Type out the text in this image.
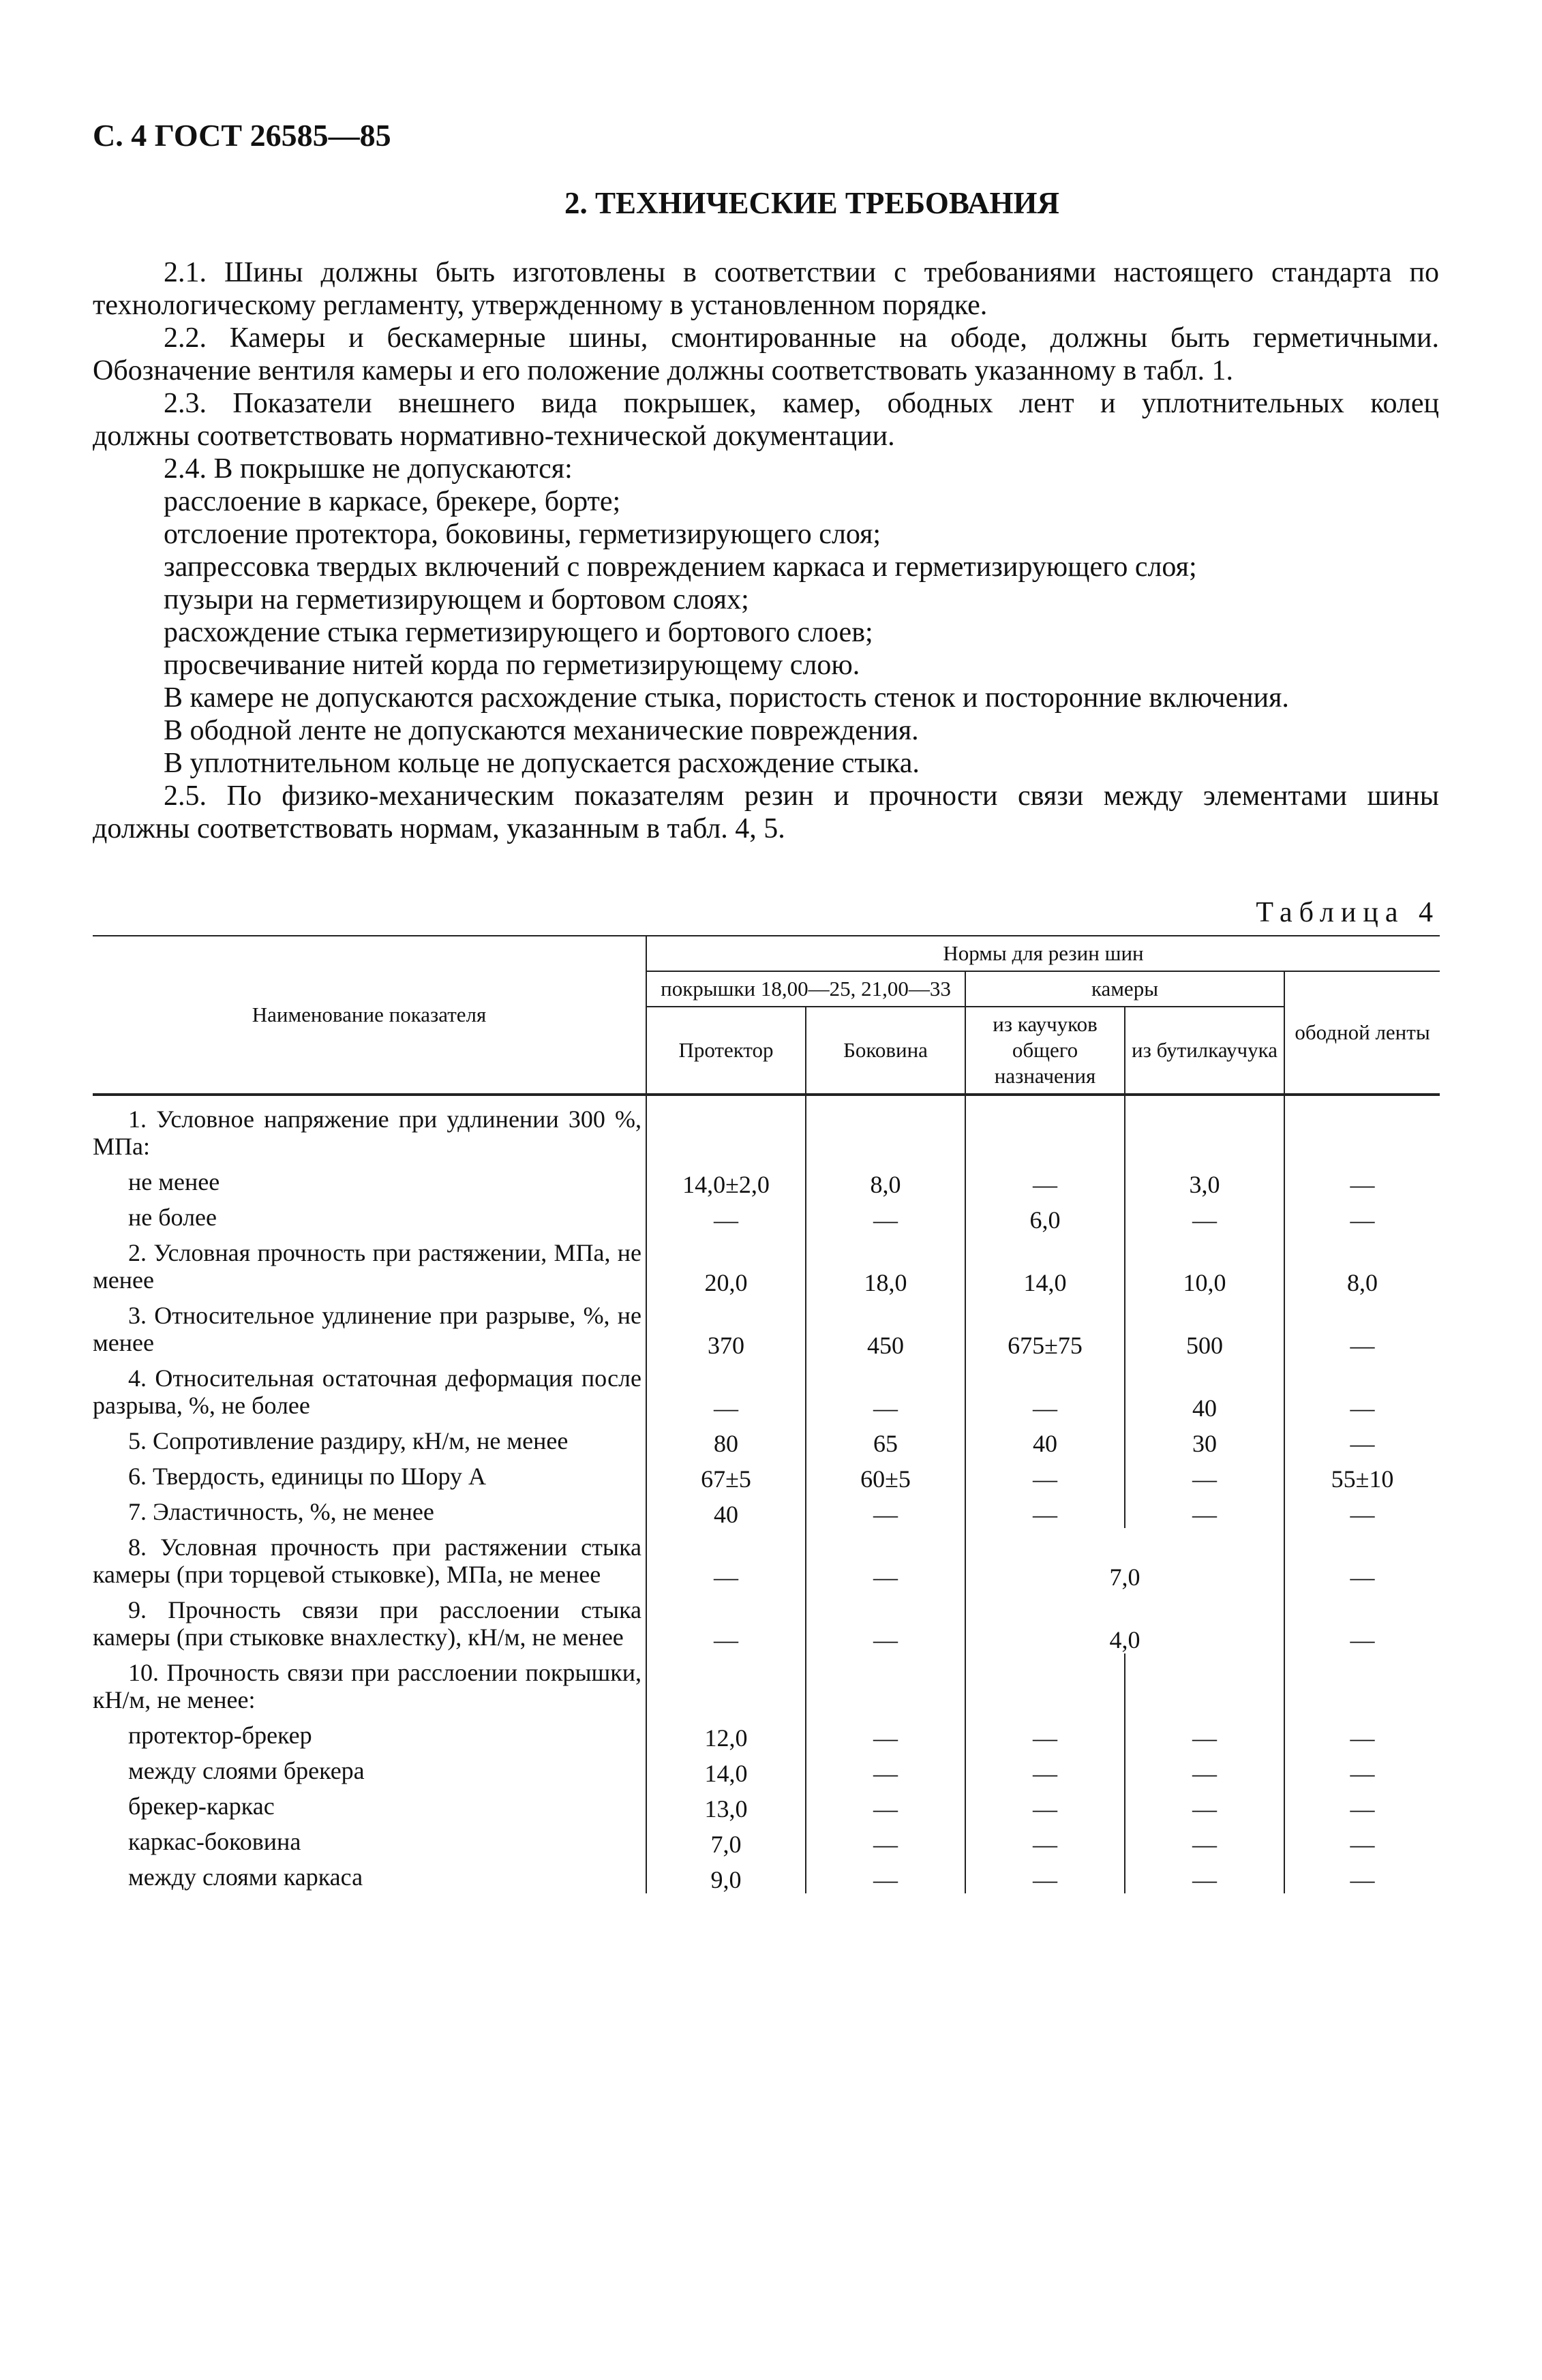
С. 4 ГОСТ 26585—85
2. ТЕХНИЧЕСКИЕ ТРЕБОВАНИЯ

2.1. Шины должны быть изготовлены в соответствии с требованиями настоящего стандарта по

технологическому регламенту, утвержденному в установленном порядке.

2.2. Камеры и бескамерные шины, смонтированные на ободе, должны быть герметичными.

Обозначение вентиля камеры и его положение должны соответствовать указанному в табл. 1.

2.3. Показатели внешнего вида покрышек, камер, ободных лент и уплотнительных колец

должны соответствовать нормативно-технической документации.

2.4. В покрышке не допускаются:

расслоение в каркасе, брекере, борте;

отслоение протектора, боковины, герметизирующего слоя;

запрессовка твердых включений с повреждением каркаса и герметизирующего слоя;

пузыри на герметизирующем и бортовом слоях;

расхождение стыка герметизирующего и бортового слоев;

просвечивание нитей корда по герметизирующему слою.

В камере не допускаются расхождение стыка, пористость стенок и посторонние включения.

В ободной ленте не допускаются механические повреждения.

В уплотнительном кольце не допускается расхождение стыка.

2.5. По физико-механическим показателям резин и прочности связи между элементами шины

должны соответствовать нормам, указанным в табл. 4, 5.

Таблица 4
Наименование показателя	Нормы для резин шин				
	покрышки 18,00—25, 21,00—33		камеры		ободной ленты
	Протектор	Боковина	из каучуков общего назначения	из бутилкаучука	
1. Условное напряжение при удлинении 300 %, МПа:					
не менее	14,0±2,0	8,0	—	3,0	—
не более	—	—	6,0	—	—
2. Условная прочность при растяжении, МПа, не менее	20,0	18,0	14,0	10,0	8,0
3. Относительное удлинение при разрыве, %, не менее	370	450	675±75	500	—
4. Относительная остаточная деформация после разрыва, %, не более	—	—	—	40	—
5. Сопротивление раздиру, кН/м, не менее	80	65	40	30	—
6. Твердость, единицы по Шору А	67±5	60±5	—	—	55±10
7. Эластичность, %, не менее	40	—	—	—	—
8. Условная прочность при растяжении стыка камеры (при торцевой стыковке), МПа, не менее	—	—	7,0		—
9. Прочность связи при расслоении стыка камеры (при стыковке внахлестку), кН/м, не менее	—	—	4,0		—
10. Прочность связи при расслоении покрышки, кН/м, не менее:					
протектор-брекер	12,0	—	—	—	—
между слоями брекера	14,0	—	—	—	—
брекер-каркас	13,0	—	—	—	—
каркас-боковина	7,0	—	—	—	—
между слоями каркаса	9,0	—	—	—	—
